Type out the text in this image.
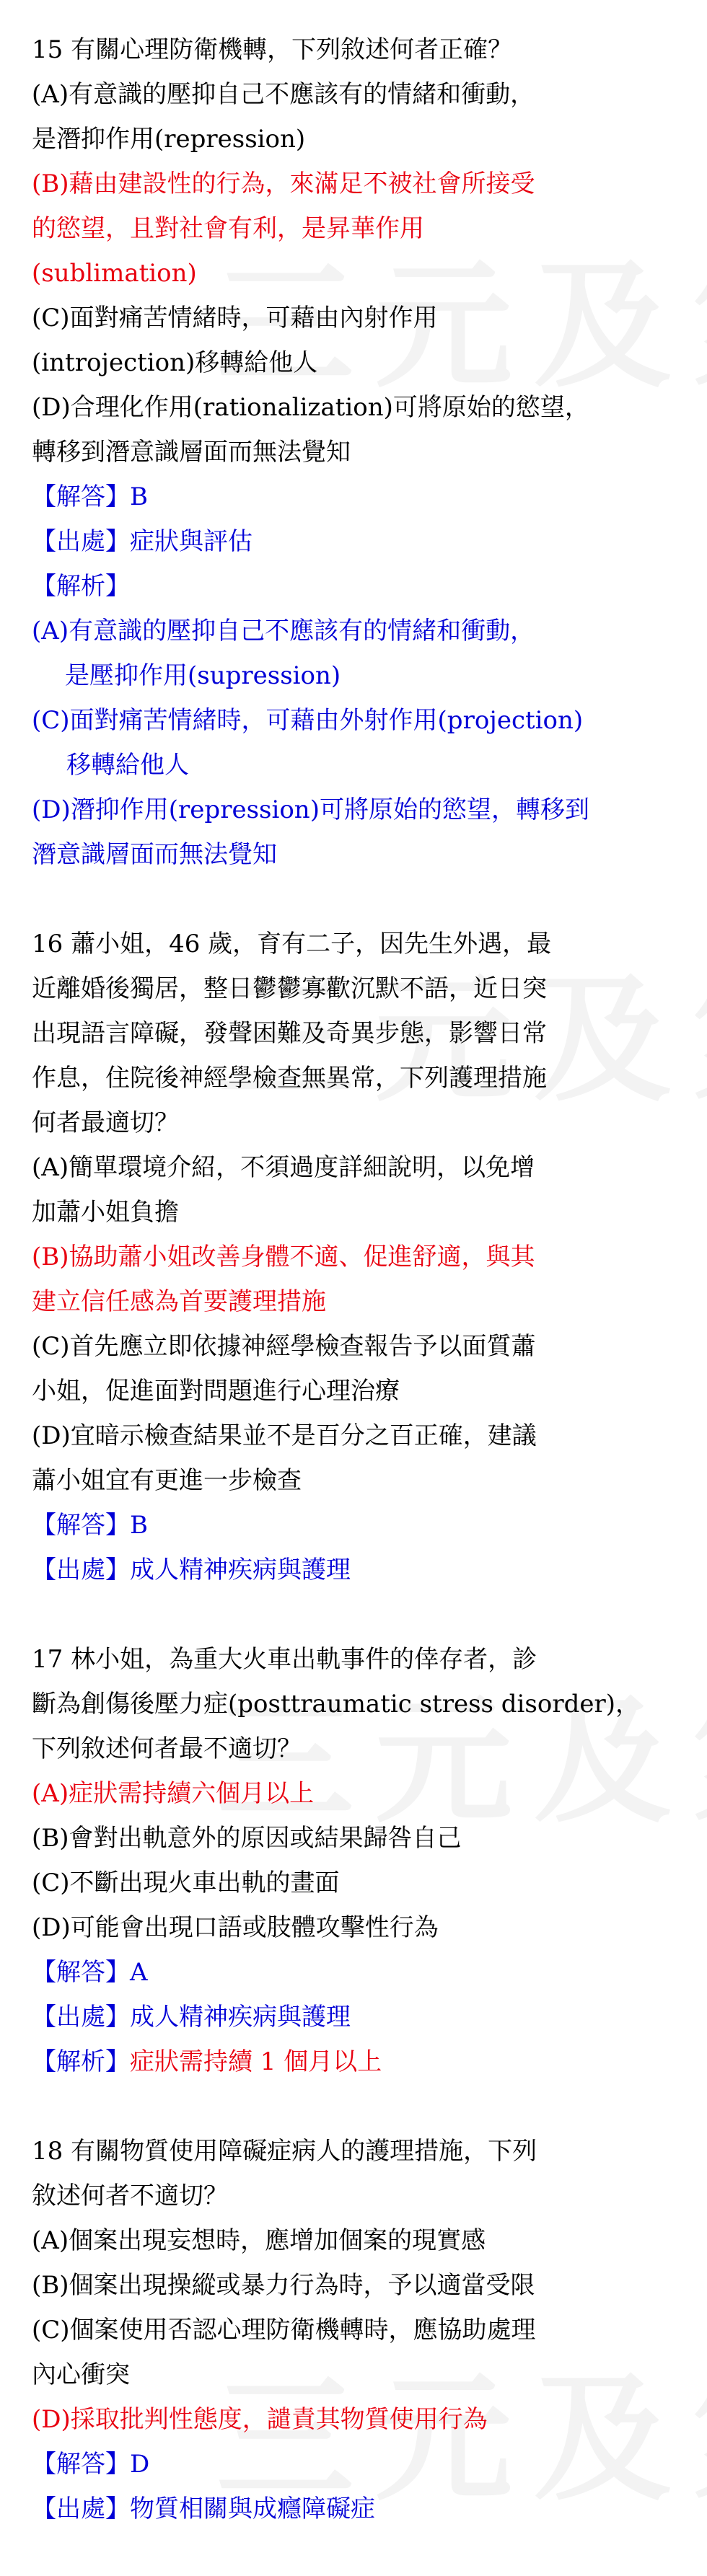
15 有關心理防衛機轉，下列敘述何者正確？
(A)有意識的壓抑自己不應該有的情緒和衝動，
是潛抑作用(repression)
(B)藉由建設性的行為，來滿足不被社會所接受
的慾望，且對社會有利，是昇華作用
(sublimation)
(C)面對痛苦情緒時，可藉由內射作用
(introjection)移轉給他人
(D)合理化作用(rationalization)可將原始的慾望，
轉移到潛意識層面而無法覺知
【解答】B
【出處】症狀與評估
【解析】
(A)有意識的壓抑自己不應該有的情緒和衝動，
是壓抑作用(supression)
(C)面對痛苦情緒時，可藉由外射作用(projection)
移轉給他人
(D)潛抑作用(repression)可將原始的慾望，轉移到
潛意識層面而無法覺知
16 蕭小姐，46 歲，育有二子，因先生外遇，最
近離婚後獨居，整日鬱鬱寡歡沉默不語，近日突
出現語言障礙，發聲困難及奇異步態，影響日常
作息，住院後神經學檢查無異常，下列護理措施
何者最適切？
(A)簡單環境介紹，不須過度詳細說明，以免增
加蕭小姐負擔
(B)協助蕭小姐改善身體不適、促進舒適，與其
建立信任感為首要護理措施
(C)首先應立即依據神經學檢查報告予以面質蕭
小姐，促進面對問題進行心理治療
(D)宜暗示檢查結果並不是百分之百正確，建議
蕭小姐宜有更進一步檢查
【解答】B
【出處】成人精神疾病與護理
17 林小姐，為重大火車出軌事件的倖存者，診
斷為創傷後壓力症(posttraumatic stress disorder)，
下列敘述何者最不適切？
(A)症狀需持續六個月以上
(B)會對出軌意外的原因或結果歸咎自己
(C)不斷出現火車出軌的畫面
(D)可能會出現口語或肢體攻擊性行為
【解答】A
【出處】成人精神疾病與護理
【解析】症狀需持續 1 個月以上
18 有關物質使用障礙症病人的護理措施，下列
敘述何者不適切？
(A)個案出現妄想時，應增加個案的現實感
(B)個案出現操縱或暴力行為時，予以適當受限
(C)個案使用否認心理防衛機轉時，應協助處理
內心衝突
(D)採取批判性態度，譴責其物質使用行為
【解答】D
【出處】物質相關與成癮障礙症
